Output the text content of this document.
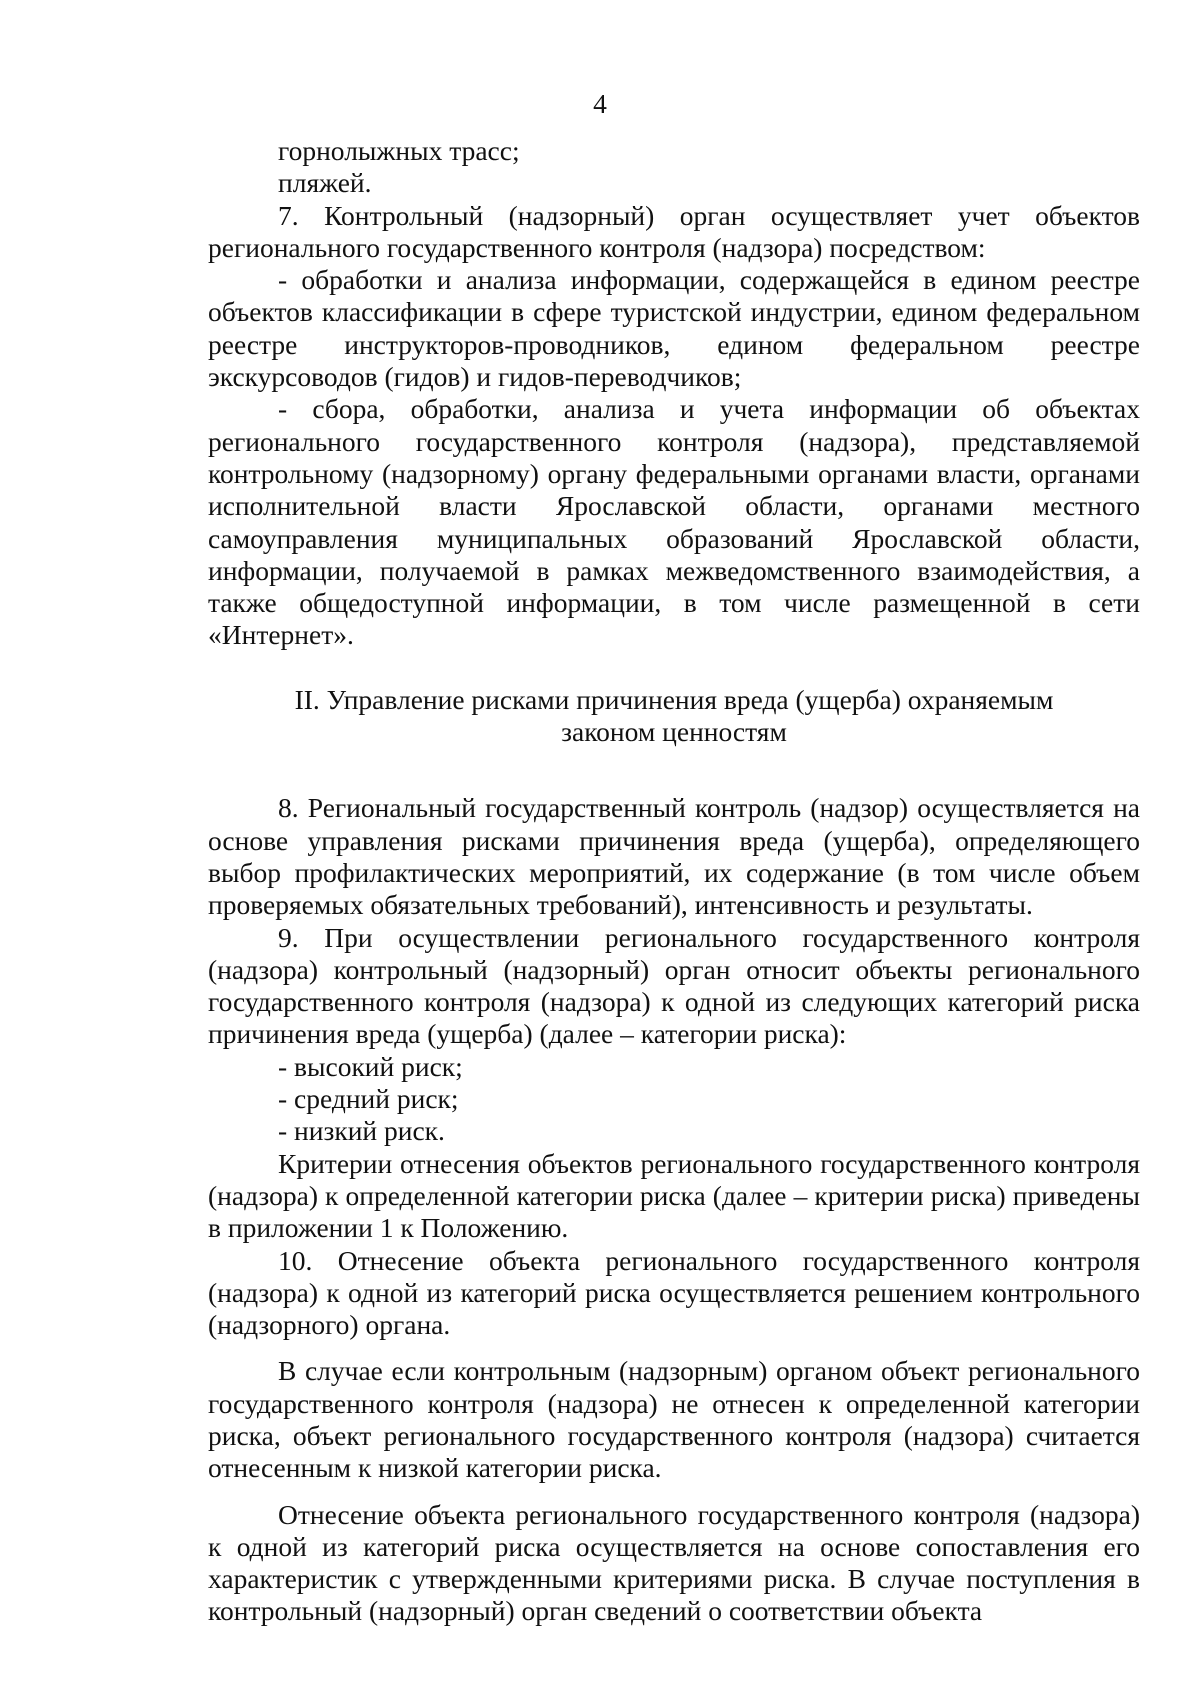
4

горнолыжных трасс;

пляжей.

7. Контрольный (надзорный) орган осуществляет учет объектов регионального государственного контроля (надзора) посредством:

- обработки и анализа информации, содержащейся в едином реестре объектов классификации в сфере туристской индустрии, едином федеральном реестре инструкторов-проводников, едином федеральном реестре экскурсоводов (гидов) и гидов-переводчиков;

- сбора, обработки, анализа и учета информации об объектах регионального государственного контроля (надзора), представляемой контрольному (надзорному) органу федеральными органами власти, органами исполнительной власти Ярославской области, органами местного самоуправления муниципальных образований Ярославской области, информации, получаемой в рамках межведомственного взаимодействия, а также общедоступной информации, в том числе размещенной в сети «Интернет».

II. Управление рисками причинения вреда (ущерба) охраняемым
законом ценностям

8. Региональный государственный контроль (надзор) осуществляется на основе управления рисками причинения вреда (ущерба), определяющего выбор профилактических мероприятий, их содержание (в том числе объем проверяемых обязательных требований), интенсивность и результаты.

9. При осуществлении регионального государственного контроля (надзора) контрольный (надзорный) орган относит объекты регионального государственного контроля (надзора) к одной из следующих категорий риска причинения вреда (ущерба) (далее – категории риска):

- высокий риск;

- средний риск;

- низкий риск.

Критерии отнесения объектов регионального государственного контроля (надзора) к определенной категории риска (далее – критерии риска) приведены в приложении 1 к Положению.

10. Отнесение объекта регионального государственного контроля (надзора) к одной из категорий риска осуществляется решением контрольного (надзорного) органа.

В случае если контрольным (надзорным) органом объект регионального государственного контроля (надзора) не отнесен к определенной категории риска, объект регионального государственного контроля (надзора) считается отнесенным к низкой категории риска.

Отнесение объекта регионального государственного контроля (надзора) к одной из категорий риска осуществляется на основе сопоставления его характеристик с утвержденными критериями риска. В случае поступления в контрольный (надзорный) орган сведений о соответствии объекта
